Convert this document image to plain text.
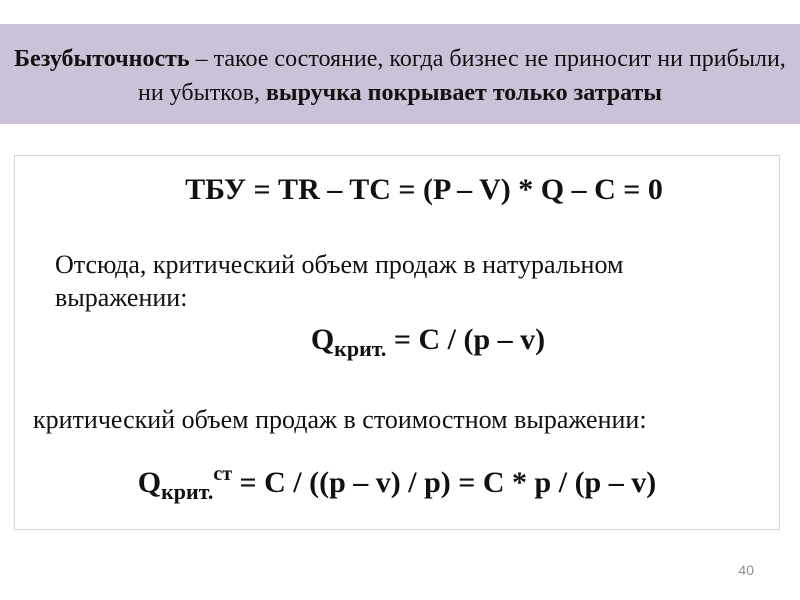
Безубыточность – такое состояние, когда бизнес не приносит ни прибыли, ни убытков, выручка покрывает только затраты
ТБУ = TR – TC = (P – V) * Q – C = 0
Отсюда, критический объем продаж в натуральном выражении:
$Q_{крит.} = C / (p - v)$
критический объем продаж в стоимостном выражении:
$Q_{крит.}^{ст} = C / ((p - v) / p) = C * p / (p - v)$
40
